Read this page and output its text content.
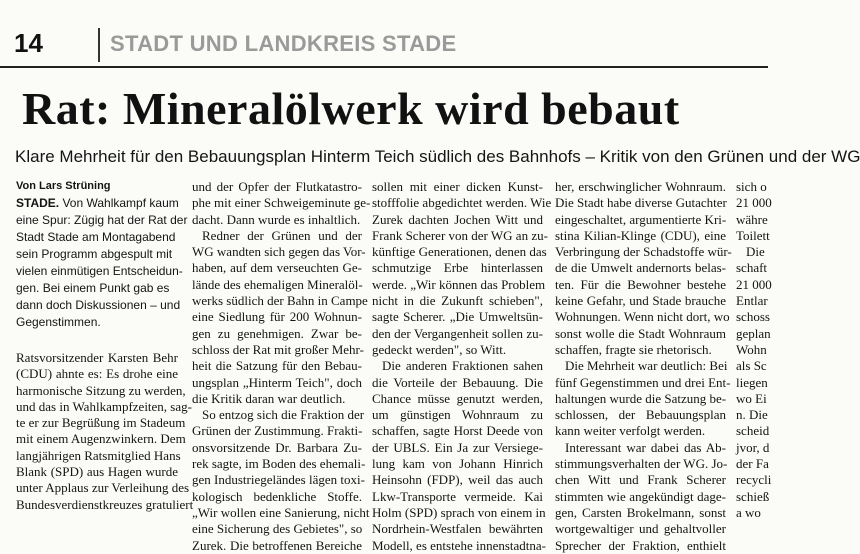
14	STADT UND LANDKREIS STADE
Rat: Mineralölwerk wird bebaut
Klare Mehrheit für den Bebauungsplan Hinterm Teich südlich des Bahnhofs – Kritik von den Grünen und der WG
Von Lars Strüning

STADE. Von Wahlkampf kaum

eine Spur: Zügig hat der Rat der

Stadt Stade am Montagabend

sein Programm abgespult mit

vielen einmütigen Entscheidun-

gen. Bei einem Punkt gab es

dann doch Diskussionen – und

Gegenstimmen.

Ratsvorsitzender Karsten Behr

(CDU) ahnte es: Es drohe eine

harmonische Sitzung zu werden,

und das in Wahlkampfzeiten, sag-

te er zur Begrüßung im Stadeum

mit einem Augenzwinkern. Dem

langjährigen Ratsmitglied Hans

Blank (SPD) aus Hagen wurde

unter Applaus zur Verleihung des

Bundesverdienstkreuzes gratuliert

und der Opfer der Flutkatastro-

phe mit einer Schweigeminute ge-

dacht. Dann wurde es inhaltlich.

Redner der Grünen und der

WG wandten sich gegen das Vor-

haben, auf dem verseuchten Ge-

lände des ehemaligen Mineralöl-

werks südlich der Bahn in Campe

eine Siedlung für 200 Wohnun-

gen zu genehmigen. Zwar be-

schloss der Rat mit großer Mehr-

heit die Satzung für den Bebau-

ungsplan „Hinterm Teich", doch

die Kritik daran war deutlich.

So entzog sich die Fraktion der

Grünen der Zustimmung. Frakti-

onsvorsitzende Dr. Barbara Zu-

rek sagte, im Boden des ehemali-

gen Industriegeländes lägen toxi-

kologisch bedenkliche Stoffe.

„Wir wollen eine Sanierung, nicht

eine Sicherung des Gebietes", so

Zurek. Die betroffenen Bereiche

sollen mit einer dicken Kunst-

stofffolie abgedichtet werden. Wie

Zurek dachten Jochen Witt und

Frank Scherer von der WG an zu-

künftige Generationen, denen das

schmutzige Erbe hinterlassen

werde. „Wir können das Problem

nicht in die Zukunft schieben",

sagte Scherer. „Die Umweltsün-

den der Vergangenheit sollen zu-

gedeckt werden", so Witt.

Die anderen Fraktionen sahen

die Vorteile der Bebauung. Die

Chance müsse genutzt werden,

um günstigen Wohnraum zu

schaffen, sagte Horst Deede von

der UBLS. Ein Ja zur Versiege-

lung kam von Johann Hinrich

Heinsohn (FDP), weil das auch

Lkw-Transporte vermeide. Kai

Holm (SPD) sprach von einem in

Nordrhein-Westfalen bewährten

Modell, es entstehe innenstadtna-

her, erschwinglicher Wohnraum.

Die Stadt habe diverse Gutachter

eingeschaltet, argumentierte Kri-

stina Kilian-Klinge (CDU), eine

Verbringung der Schadstoffe wür-

de die Umwelt andernorts belas-

ten. Für die Bewohner bestehe

keine Gefahr, und Stade brauche

Wohnungen. Wenn nicht dort, wo

sonst wolle die Stadt Wohnraum

schaffen, fragte sie rhetorisch.

Die Mehrheit war deutlich: Bei

fünf Gegenstimmen und drei Ent-

haltungen wurde die Satzung be-

schlossen, der Bebauungsplan

kann weiter verfolgt werden.

Interessant war dabei das Ab-

stimmungsverhalten der WG. Jo-

chen Witt und Frank Scherer

stimmten wie angekündigt dage-

gen, Carsten Brokelmann, sonst

wortgewaltiger und gehaltvoller

Sprecher der Fraktion, enthielt

sich o

21 000

währe

Toilett

Die

schaft

21 000

Entlar

schoss

geplan

Wohn

als Sc

liegen

wo Ei

n. Die

scheid

jvor, d

der Fa

recycli

schieß

a wo
